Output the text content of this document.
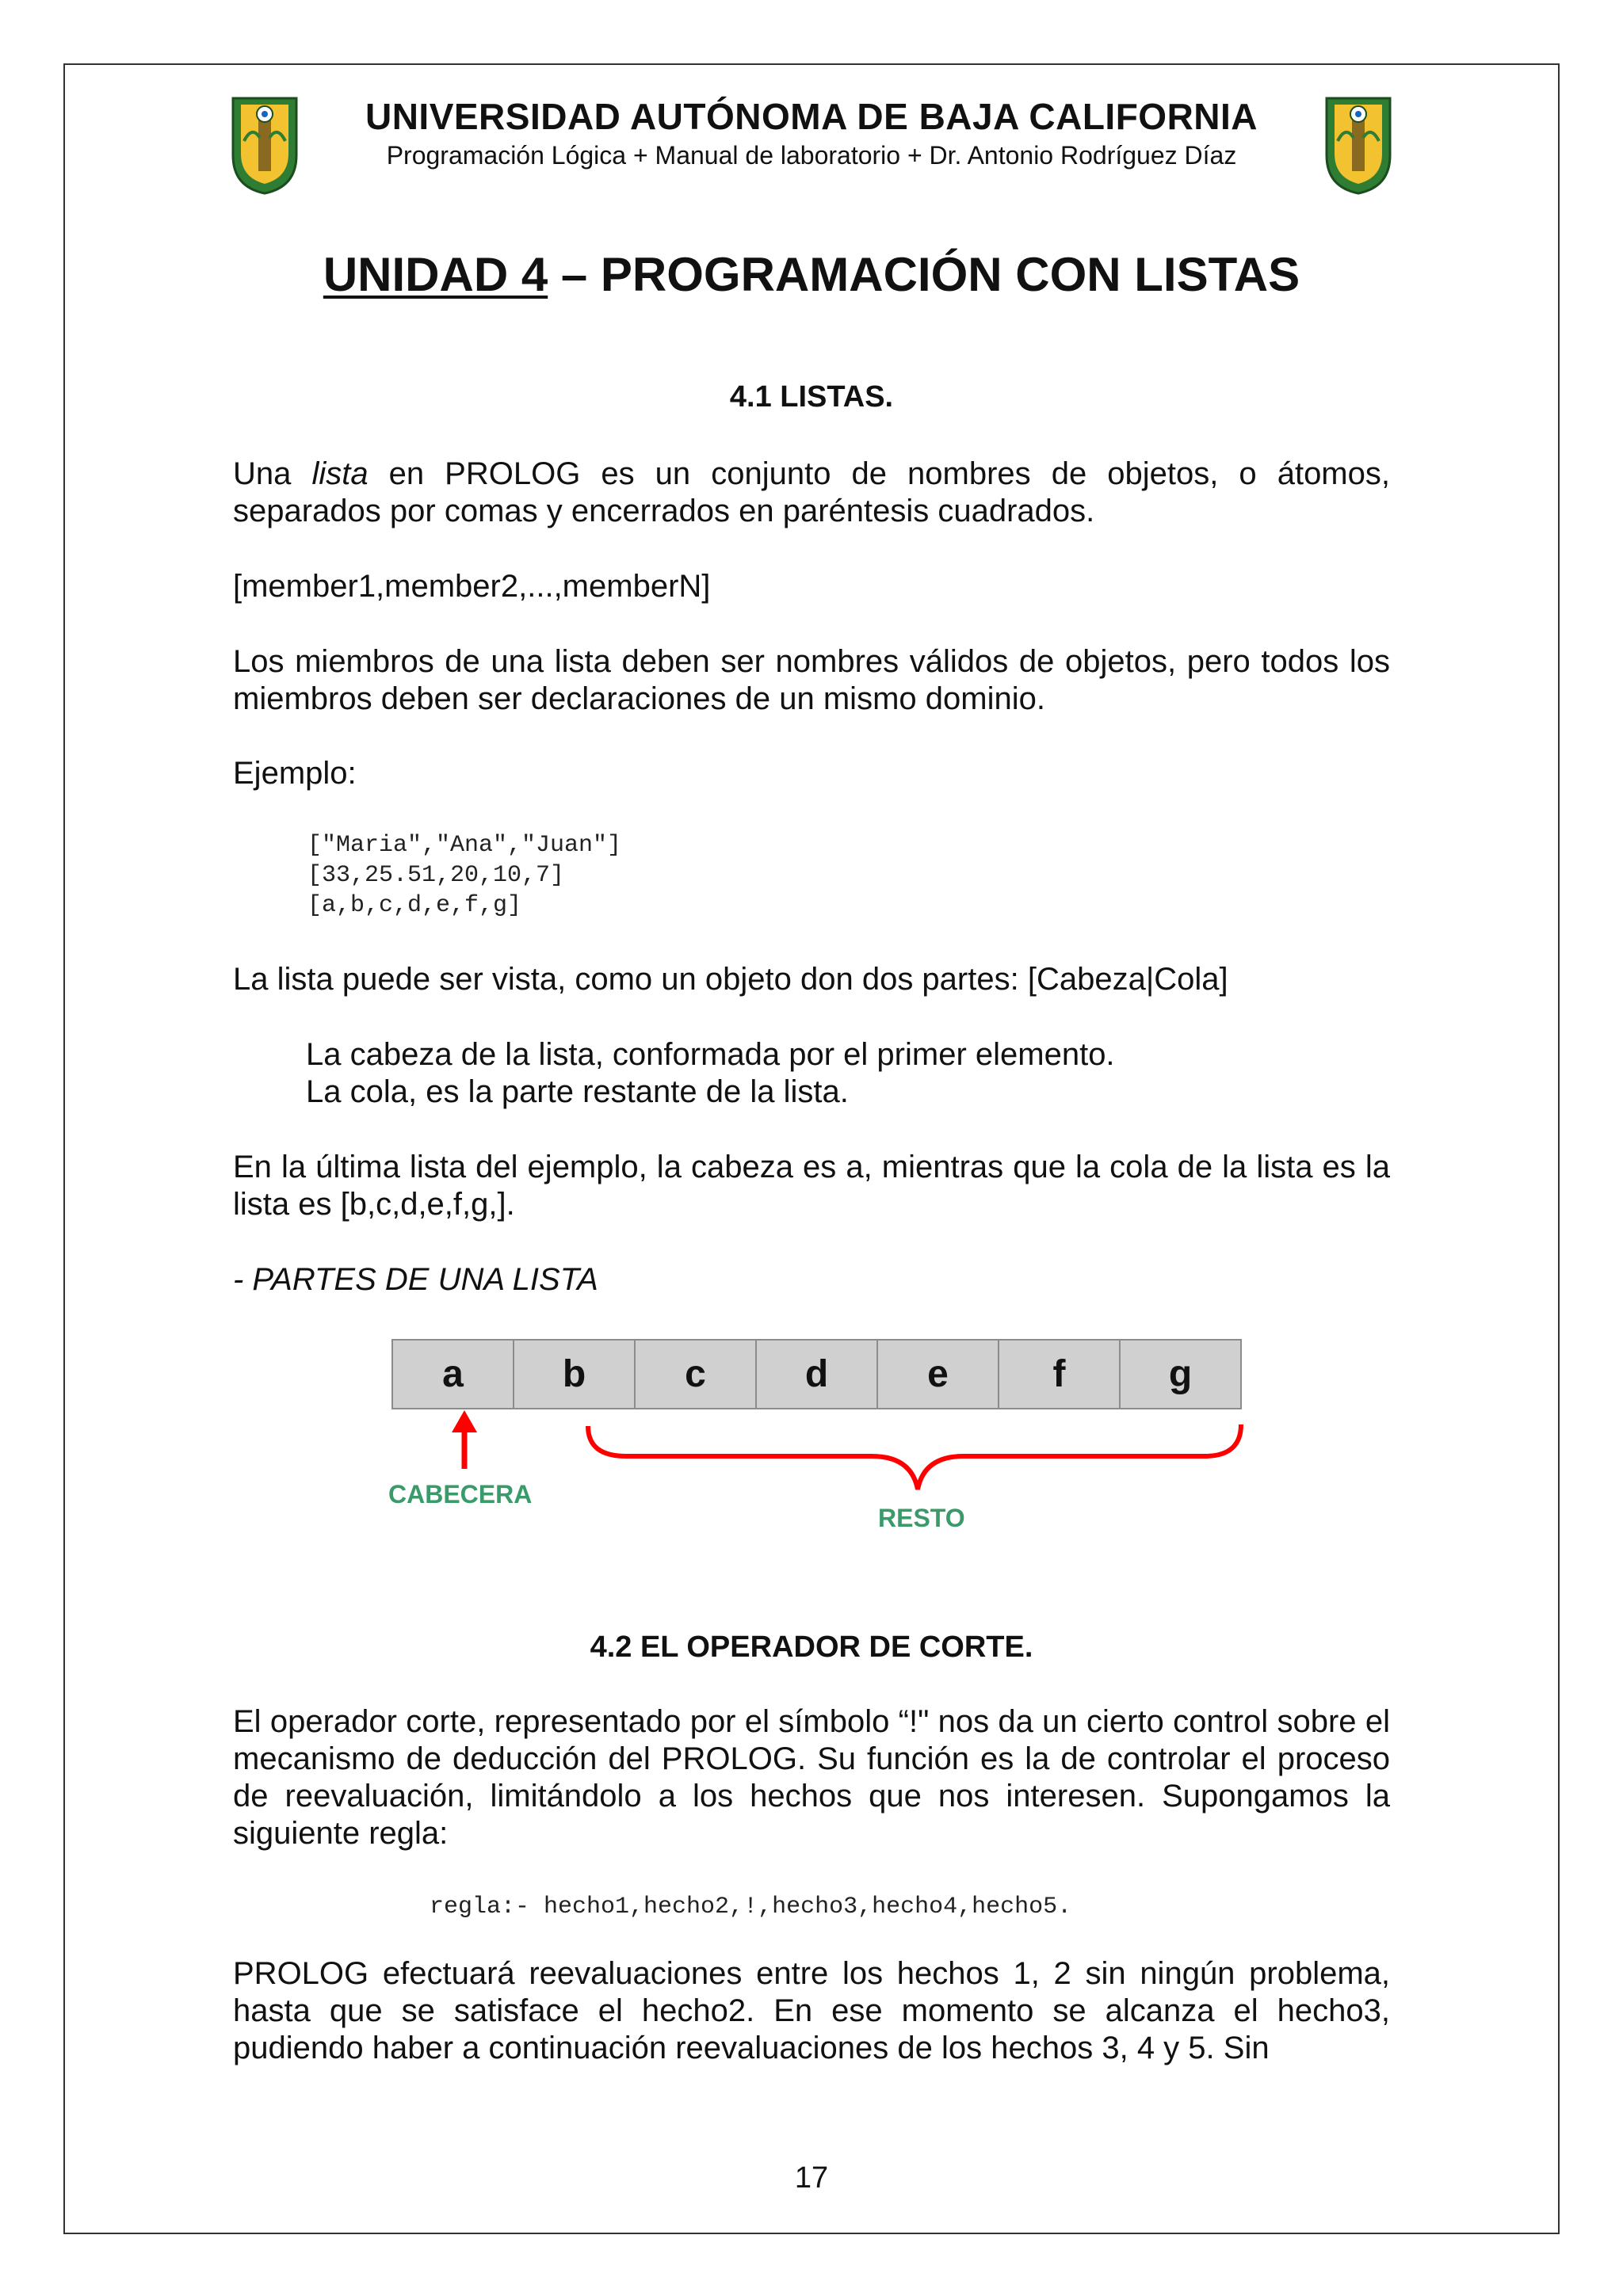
UNIVERSIDAD AUTÓNOMA DE BAJA CALIFORNIA
Programación Lógica + Manual de laboratorio + Dr. Antonio Rodríguez Díaz
UNIDAD 4 – PROGRAMACIÓN CON LISTAS
4.1 LISTAS.

Una lista en PROLOG es un conjunto de nombres de objetos, o átomos, separados por comas y encerrados en paréntesis cuadrados.

[member1,member2,...,memberN]

Los miembros de una lista deben ser nombres válidos de objetos, pero todos los miembros deben ser declaraciones de un mismo dominio.

Ejemplo:
["Maria","Ana","Juan"]
[33,25.51,20,10,7]
[a,b,c,d,e,f,g]
La lista puede ser vista, como un objeto don dos partes: [Cabeza|Cola]
La cabeza de la lista, conformada por el primer elemento.
La cola, es la parte restante de la lista.

En la última lista del ejemplo, la cabeza es a, mientras que la cola de la lista es la lista es [b,c,d,e,f,g,].

- PARTES DE UNA LISTA
a	b	c	d	e	f	g
CABECERA
RESTO
4.2 EL OPERADOR DE CORTE.

El operador corte, representado por el símbolo “!" nos da un cierto control sobre el mecanismo de deducción del PROLOG. Su función es la de controlar el proceso de reevaluación, limitándolo a los hechos que nos interesen. Supongamos la siguiente regla:

regla:- hecho1,hecho2,!,hecho3,hecho4,hecho5.

PROLOG efectuará reevaluaciones entre los hechos 1, 2 sin ningún problema, hasta que se satisface el hecho2. En ese momento se alcanza el hecho3, pudiendo haber a continuación reevaluaciones de los hechos 3, 4 y 5. Sin

17
